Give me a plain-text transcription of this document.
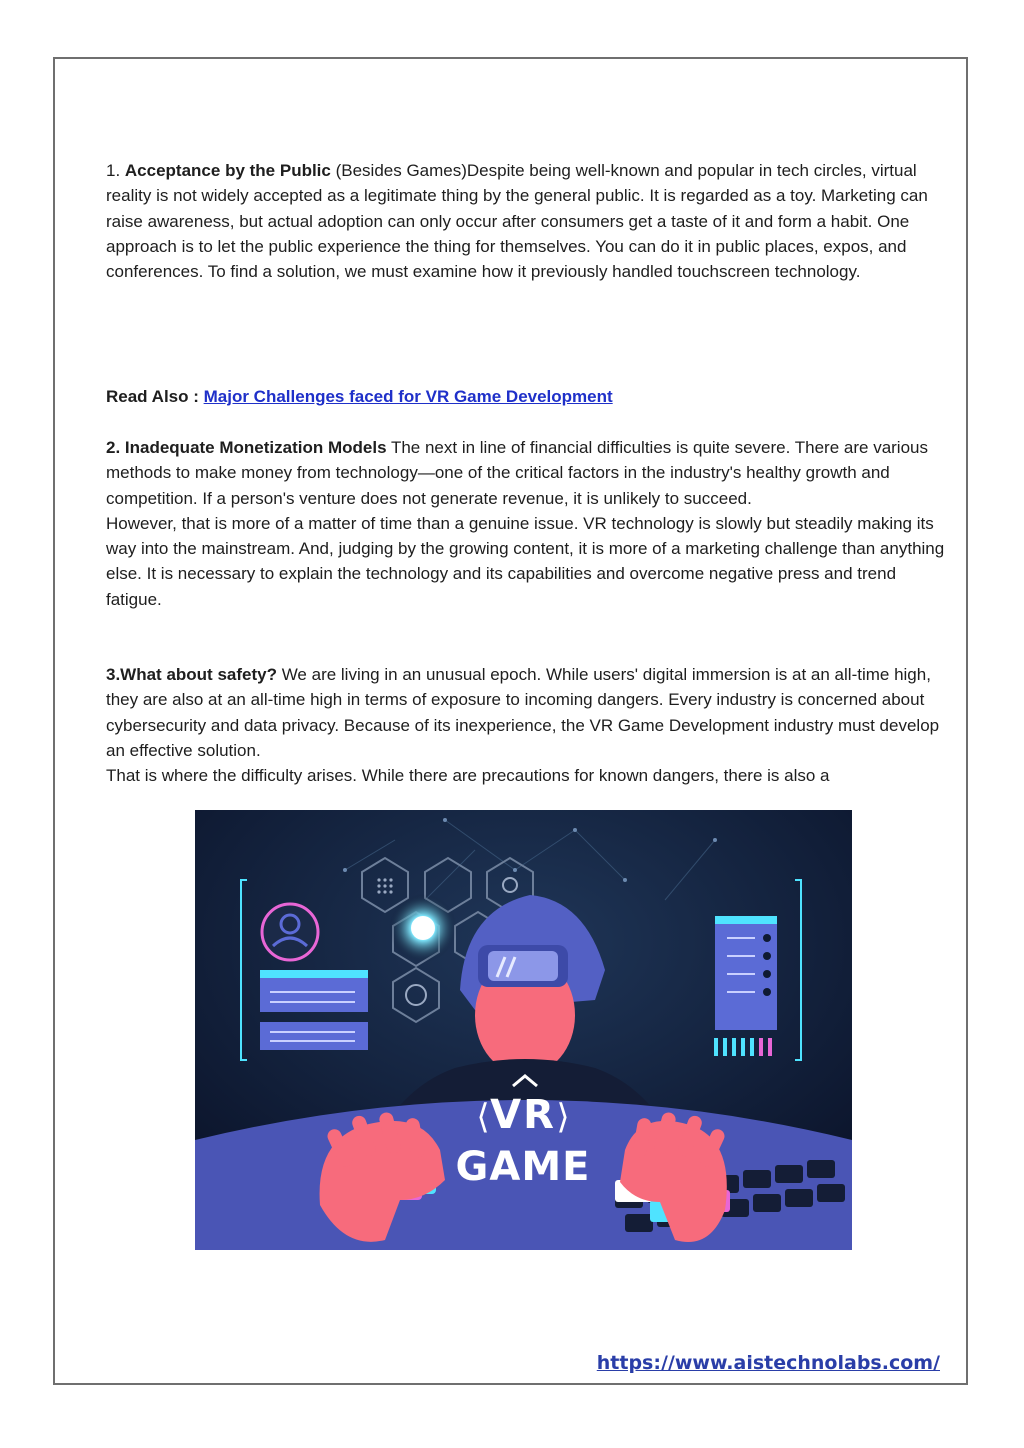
1. Acceptance by the Public (Besides Games)Despite being well-known and popular in tech circles, virtual reality is not widely accepted as a legitimate thing by the general public. It is regarded as a toy. Marketing can raise awareness, but actual adoption can only occur after consumers get a taste of it and form a habit. One approach is to let the public experience the thing for themselves. You can do it in public places, expos, and conferences. To find a solution, we must examine how it previously handled touchscreen technology.

Read Also : Major Challenges faced for VR Game Development

2. Inadequate Monetization Models The next in line of financial difficulties is quite severe. There are various methods to make money from technology—one of the critical factors in the industry's healthy growth and competition. If a person's venture does not generate revenue, it is unlikely to succeed.

However, that is more of a matter of time than a genuine issue. VR technology is slowly but steadily making its way into the mainstream. And, judging by the growing content, it is more of a marketing challenge than anything else. It is necessary to explain the technology and its capabilities and overcome negative press and trend fatigue.

3.What about safety? We are living in an unusual epoch. While users' digital immersion is at an all-time high, they are also at an all-time high in terms of exposure to incoming dangers. Every industry is concerned about cybersecurity and data privacy. Because of its inexperience, the VR Game Development industry must develop an effective solution.

That is where the difficulty arises. While there are precautions for known dangers, there is also a

VR
⟨ ⟩
GAME
https://www.aistechnolabs.com/
